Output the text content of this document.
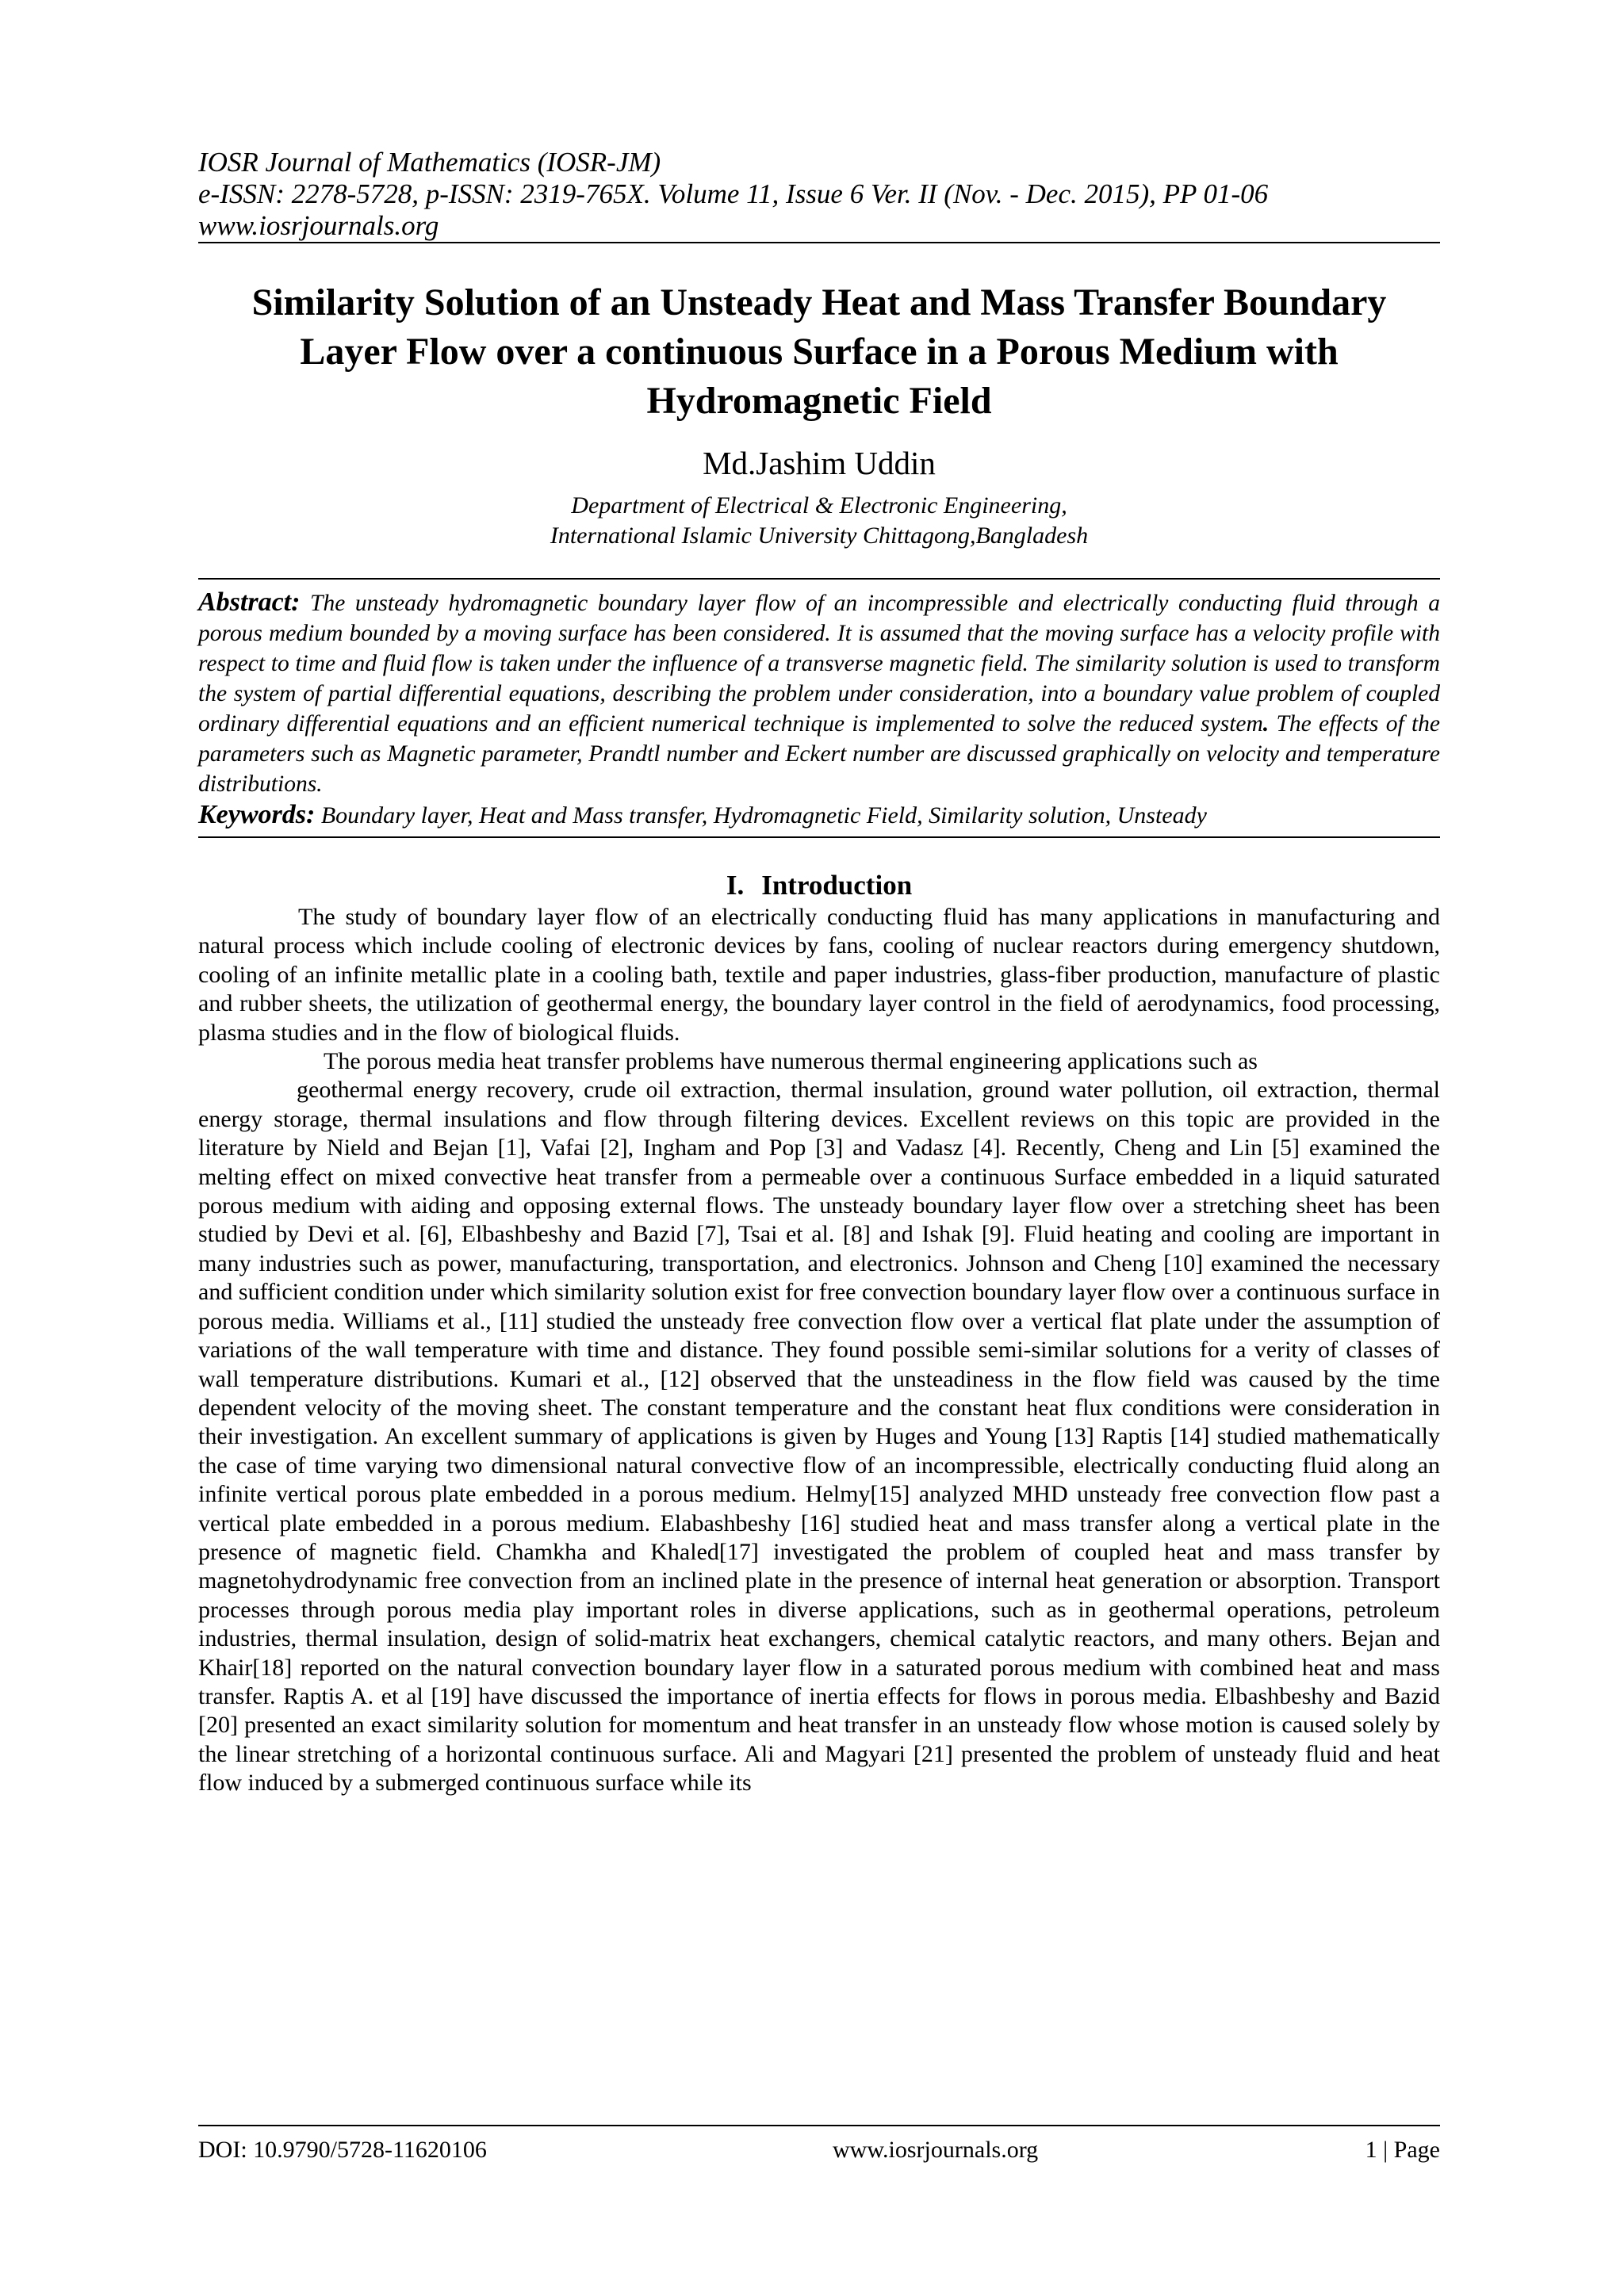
IOSR Journal of Mathematics (IOSR-JM)
e-ISSN: 2278-5728, p-ISSN: 2319-765X. Volume 11, Issue 6 Ver. II (Nov. - Dec. 2015), PP 01-06
www.iosrjournals.org
Similarity Solution of an Unsteady Heat and Mass Transfer Boundary Layer Flow over a continuous Surface in a Porous Medium with Hydromagnetic Field
Md.Jashim Uddin
Department of Electrical & Electronic Engineering,
International Islamic University Chittagong,Bangladesh

Abstract: The unsteady hydromagnetic boundary layer flow of an incompressible and electrically conducting fluid through a porous medium bounded by a moving surface has been considered. It is assumed that the moving surface has a velocity profile with respect to time and fluid flow is taken under the influence of a transverse magnetic field. The similarity solution is used to transform the system of partial differential equations, describing the problem under consideration, into a boundary value problem of coupled ordinary differential equations and an efficient numerical technique is implemented to solve the reduced system. The effects of the parameters such as Magnetic parameter, Prandtl number and Eckert number are discussed graphically on velocity and temperature distributions.

Keywords: Boundary layer, Heat and Mass transfer, Hydromagnetic Field, Similarity solution, Unsteady

I. Introduction

The study of boundary layer flow of an electrically conducting fluid has many applications in manufacturing and natural process which include cooling of electronic devices by fans, cooling of nuclear reactors during emergency shutdown, cooling of an infinite metallic plate in a cooling bath, textile and paper industries, glass-fiber production, manufacture of plastic and rubber sheets, the utilization of geothermal energy, the boundary layer control in the field of aerodynamics, food processing, plasma studies and in the flow of biological fluids.

The porous media heat transfer problems have numerous thermal engineering applications such as

geothermal energy recovery, crude oil extraction, thermal insulation, ground water pollution, oil extraction, thermal energy storage, thermal insulations and flow through filtering devices. Excellent reviews on this topic are provided in the literature by Nield and Bejan [1], Vafai [2], Ingham and Pop [3] and Vadasz [4]. Recently, Cheng and Lin [5] examined the melting effect on mixed convective heat transfer from a permeable over a continuous Surface embedded in a liquid saturated porous medium with aiding and opposing external flows. The unsteady boundary layer flow over a stretching sheet has been studied by Devi et al. [6], Elbashbeshy and Bazid [7], Tsai et al. [8] and Ishak [9]. Fluid heating and cooling are important in many industries such as power, manufacturing, transportation, and electronics. Johnson and Cheng [10] examined the necessary and sufficient condition under which similarity solution exist for free convection boundary layer flow over a continuous surface in porous media. Williams et al., [11] studied the unsteady free convection flow over a vertical flat plate under the assumption of variations of the wall temperature with time and distance. They found possible semi-similar solutions for a verity of classes of wall temperature distributions. Kumari et al., [12] observed that the unsteadiness in the flow field was caused by the time dependent velocity of the moving sheet. The constant temperature and the constant heat flux conditions were consideration in their investigation. An excellent summary of applications is given by Huges and Young [13] Raptis [14] studied mathematically the case of time varying two dimensional natural convective flow of an incompressible, electrically conducting fluid along an infinite vertical porous plate embedded in a porous medium. Helmy[15] analyzed MHD unsteady free convection flow past a vertical plate embedded in a porous medium. Elabashbeshy [16] studied heat and mass transfer along a vertical plate in the presence of magnetic field. Chamkha and Khaled[17] investigated the problem of coupled heat and mass transfer by magnetohydrodynamic free convection from an inclined plate in the presence of internal heat generation or absorption. Transport processes through porous media play important roles in diverse applications, such as in geothermal operations, petroleum industries, thermal insulation, design of solid-matrix heat exchangers, chemical catalytic reactors, and many others. Bejan and Khair[18] reported on the natural convection boundary layer flow in a saturated porous medium with combined heat and mass transfer. Raptis A. et al [19] have discussed the importance of inertia effects for flows in porous media. Elbashbeshy and Bazid [20] presented an exact similarity solution for momentum and heat transfer in an unsteady flow whose motion is caused solely by the linear stretching of a horizontal continuous surface. Ali and Magyari [21] presented the problem of unsteady fluid and heat flow induced by a submerged continuous surface while its

DOI: 10.9790/5728-11620106	www.iosrjournals.org	1 | Page
